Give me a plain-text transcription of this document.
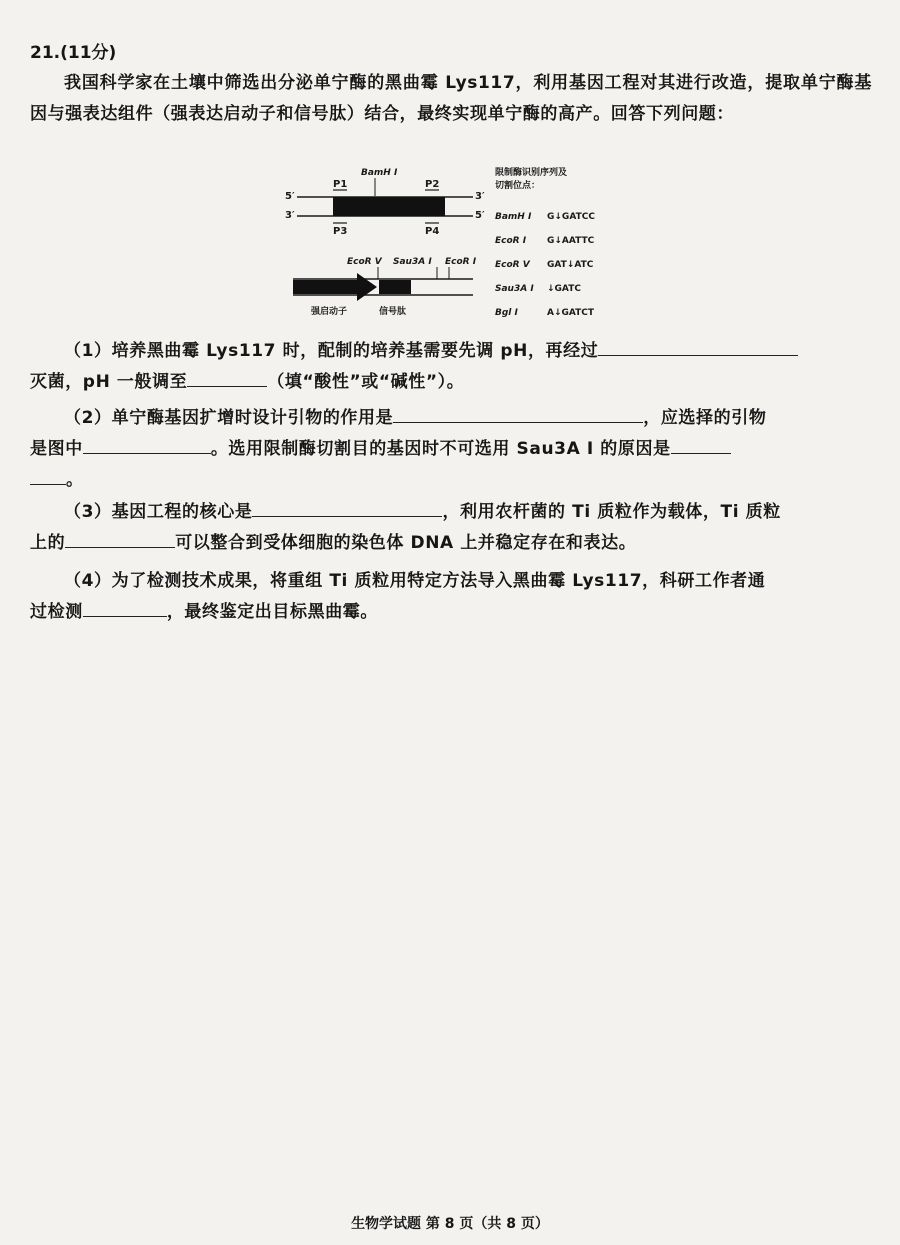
21.(11分)
我国科学家在土壤中筛选出分泌单宁酶的黑曲霉 Lys117，利用基因工程对其进行改造，提取单宁酶基因与强表达组件（强表达启动子和信号肽）结合，最终实现单宁酶的高产。回答下列问题：
5′
3′
3′
5′
P1	P2
P3	P4
BamH I
EcoR V Sau3A I EcoR I
强启动子	信号肽
限制酶识别序列及
切割位点：
BamH I G↓GATCC
EcoR I G↓AATTC
EcoR V GAT↓ATC
Sau3A I ↓GATC
Bgl I	A↓GATCT
（1）培养黑曲霉 Lys117 时，配制的培养基需要先调 pH，再经过
灭菌，pH 一般调至	（填“酸性”或“碱性”）。
（2）单宁酶基因扩增时设计引物的作用是	，应选择的引物
是图中	。选用限制酶切割目的基因时不可选用 Sau3A Ⅰ 的原因是
。
（3）基因工程的核心是	，利用农杆菌的 Ti 质粒作为载体，Ti 质粒
上的	可以整合到受体细胞的染色体 DNA 上并稳定存在和表达。
（4）为了检测技术成果，将重组 Ti 质粒用特定方法导入黑曲霉 Lys117，科研工作者通
过检测	，最终鉴定出目标黑曲霉。
生物学试题 第 8 页（共 8 页）
